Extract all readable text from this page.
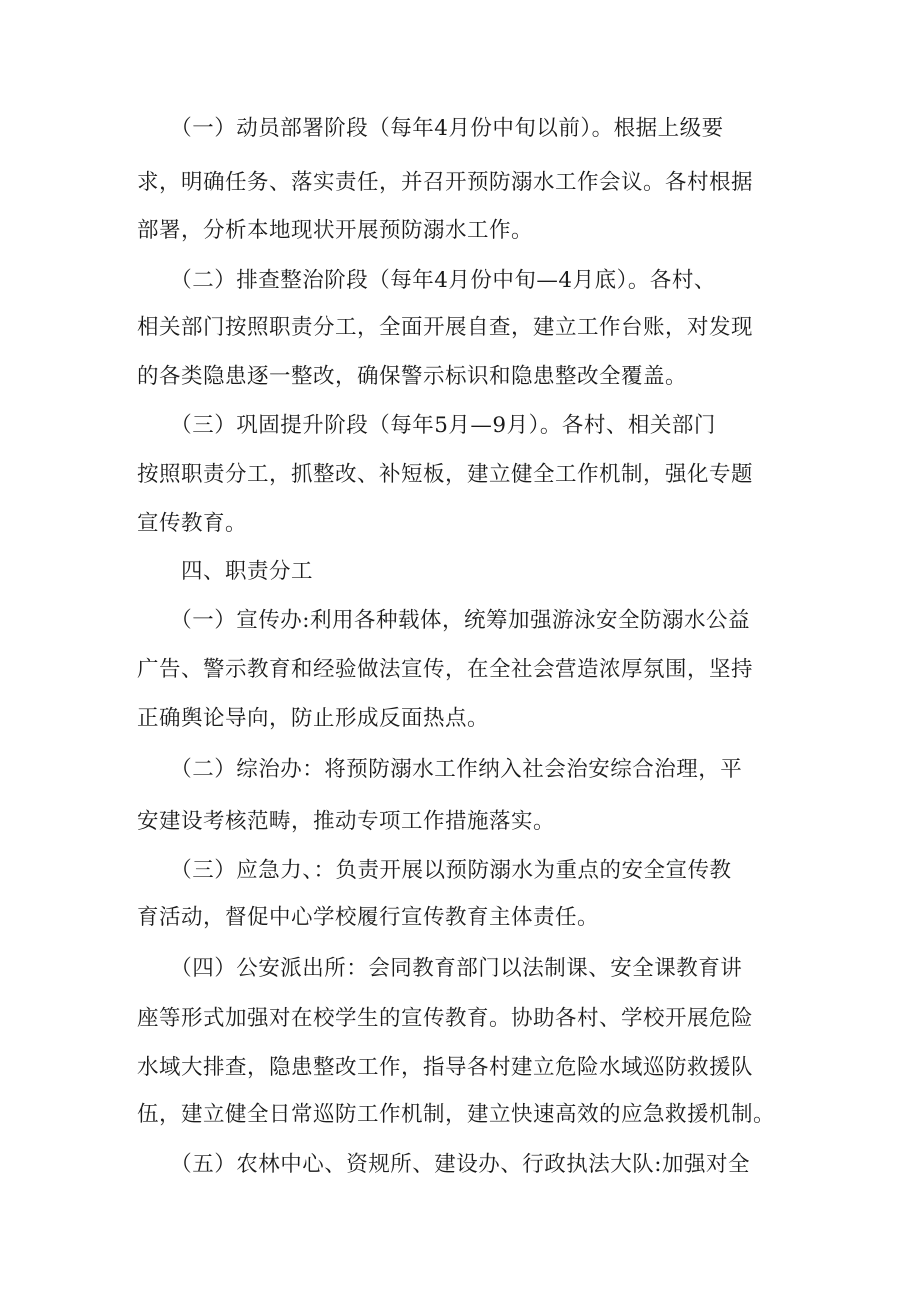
　　（一）动员部署阶段（每年4月份中旬以前）。根据上级要

求，明确任务、落实责任，并召开预防溺水工作会议。各村根据

部署，分析本地现状开展预防溺水工作。

　　（二）排查整治阶段（每年4月份中旬—4月底）。各村、

相关部门按照职责分工，全面开展自查，建立工作台账，对发现

的各类隐患逐一整改，确保警示标识和隐患整改全覆盖。

　　（三）巩固提升阶段（每年5月—9月）。各村、相关部门

按照职责分工，抓整改、补短板，建立健全工作机制，强化专题

宣传教育。

　　四、职责分工

　　（一）宣传办:利用各种载体，统筹加强游泳安全防溺水公益

广告、警示教育和经验做法宣传，在全社会营造浓厚氛围，坚持

正确舆论导向，防止形成反面热点。

　　（二）综治办：将预防溺水工作纳入社会治安综合治理，平

安建设考核范畴，推动专项工作措施落实。

　　（三）应急力、：负责开展以预防溺水为重点的安全宣传教

育活动，督促中心学校履行宣传教育主体责任。

　　（四）公安派出所：会同教育部门以法制课、安全课教育讲

座等形式加强对在校学生的宣传教育。协助各村、学校开展危险

水域大排查，隐患整改工作，指导各村建立危险水域巡防救援队

伍，建立健全日常巡防工作机制，建立快速高效的应急救援机制。

　　（五）农林中心、资规所、建设办、行政执法大队:加强对全
